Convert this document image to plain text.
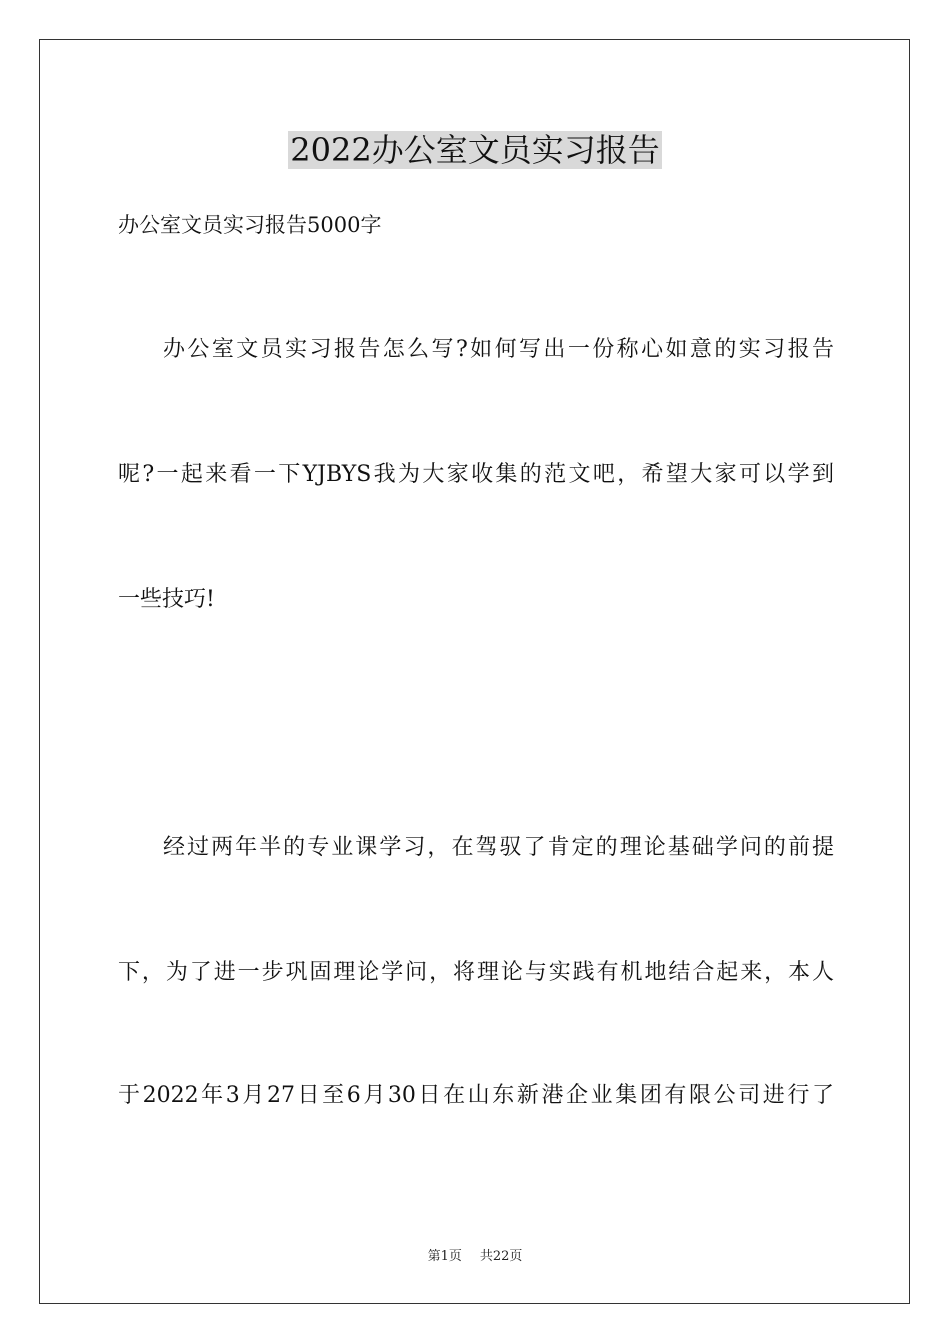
2022办公室文员实习报告
办公室文员实习报告5000字
办公室文员实习报告怎么写?如何写出一份称心如意的实习报告
呢?一起来看一下YJBYS我为大家收集的范文吧，希望大家可以学到
一些技巧!
经过两年半的专业课学习，在驾驭了肯定的理论基础学问的前提
下，为了进一步巩固理论学问，将理论与实践有机地结合起来，本人
于2022年3月27日至6月30日在山东新港企业集团有限公司进行了
第1页 共22页
